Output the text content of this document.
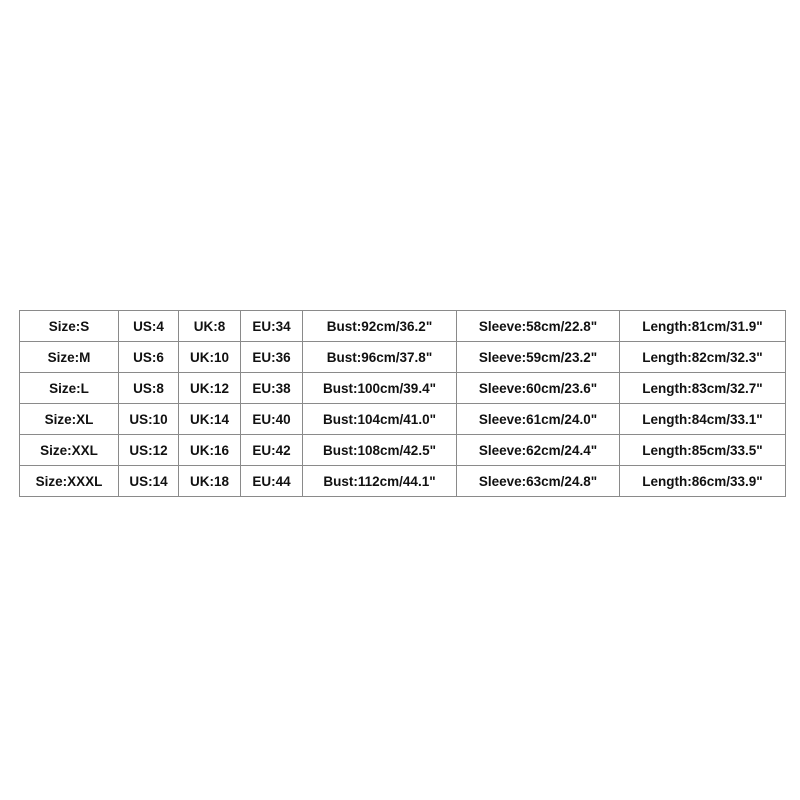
Size:S	US:4	UK:8	EU:34	Bust:92cm/36.2"	Sleeve:58cm/22.8"	Length:81cm/31.9"
Size:M	US:6	UK:10	EU:36	Bust:96cm/37.8"	Sleeve:59cm/23.2"	Length:82cm/32.3"
Size:L	US:8	UK:12	EU:38	Bust:100cm/39.4"	Sleeve:60cm/23.6"	Length:83cm/32.7"
Size:XL	US:10	UK:14	EU:40	Bust:104cm/41.0"	Sleeve:61cm/24.0"	Length:84cm/33.1"
Size:XXL	US:12	UK:16	EU:42	Bust:108cm/42.5"	Sleeve:62cm/24.4"	Length:85cm/33.5"
Size:XXXL	US:14	UK:18	EU:44	Bust:112cm/44.1"	Sleeve:63cm/24.8"	Length:86cm/33.9"
